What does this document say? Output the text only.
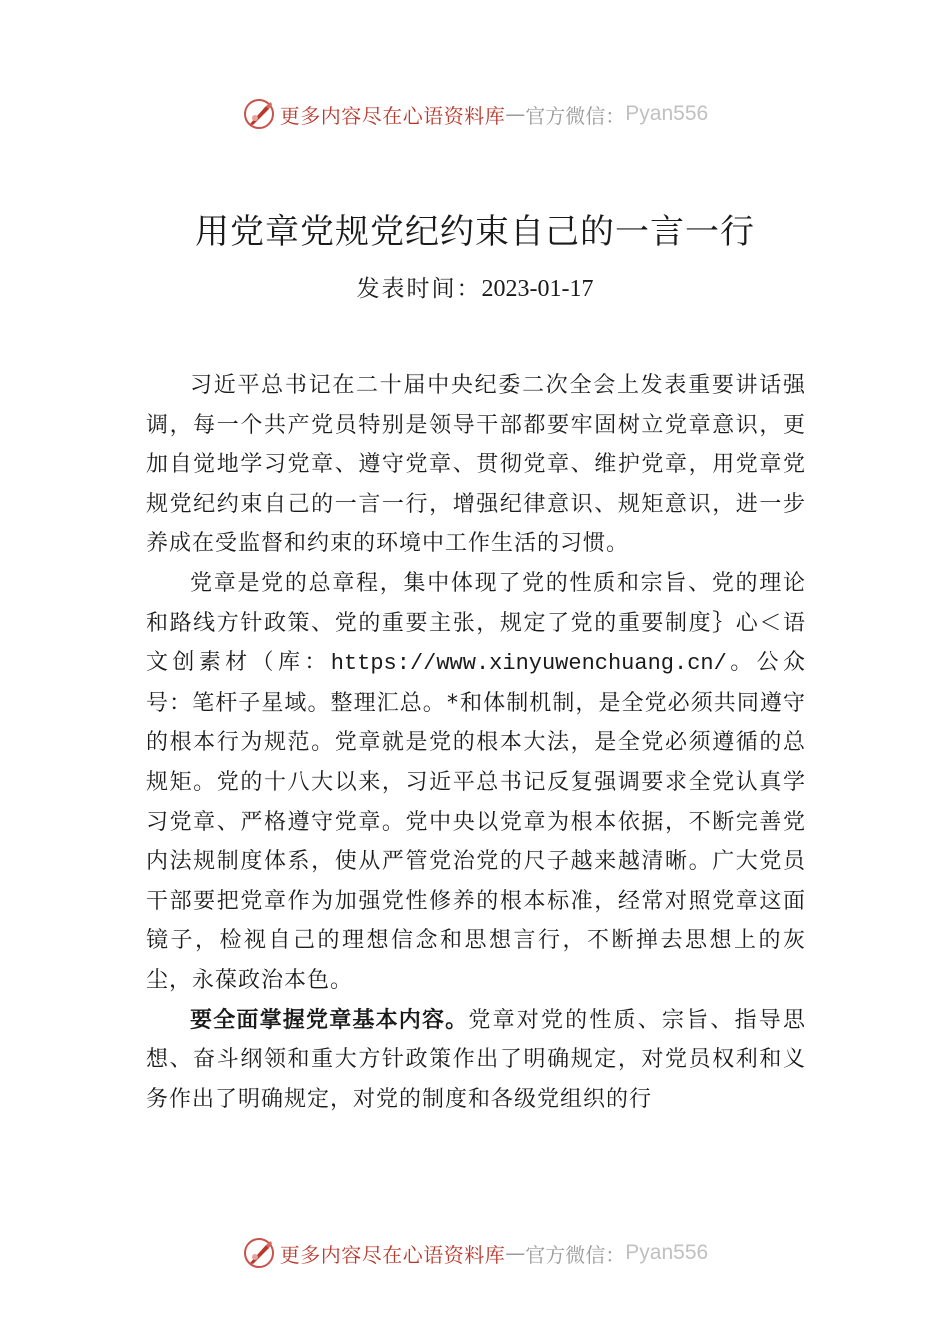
更多内容尽在心语资料库 — 官方微信： Pyan556
用党章党规党纪约束自己的一言一行
发表时间：2023-01-17

习近平总书记在二十届中央纪委二次全会上发表重要讲话强调，每一个共产党员特别是领导干部都要牢固树立党章意识，更加自觉地学习党章、遵守党章、贯彻党章、维护党章，用党章党规党纪约束自己的一言一行，增强纪律意识、规矩意识，进一步养成在受监督和约束的环境中工作生活的习惯。

党章是党的总章程，集中体现了党的性质和宗旨、党的理论和路线方针政策、党的重要主张，规定了党的重要制度｝心＜语文创素材（库：https://www.xinyuwenchuang.cn/。公众号：笔杆子星域。整理汇总。*和体制机制，是全党必须共同遵守的根本行为规范。党章就是党的根本大法，是全党必须遵循的总规矩。党的十八大以来，习近平总书记反复强调要求全党认真学习党章、严格遵守党章。党中央以党章为根本依据，不断完善党内法规制度体系，使从严管党治党的尺子越来越清晰。广大党员干部要把党章作为加强党性修养的根本标准，经常对照党章这面镜子，检视自己的理想信念和思想言行，不断掸去思想上的灰尘，永葆政治本色。

要全面掌握党章基本内容。党章对党的性质、宗旨、指导思想、奋斗纲领和重大方针政策作出了明确规定，对党员权利和义务作出了明确规定，对党的制度和各级党组织的行

更多内容尽在心语资料库 — 官方微信： Pyan556
